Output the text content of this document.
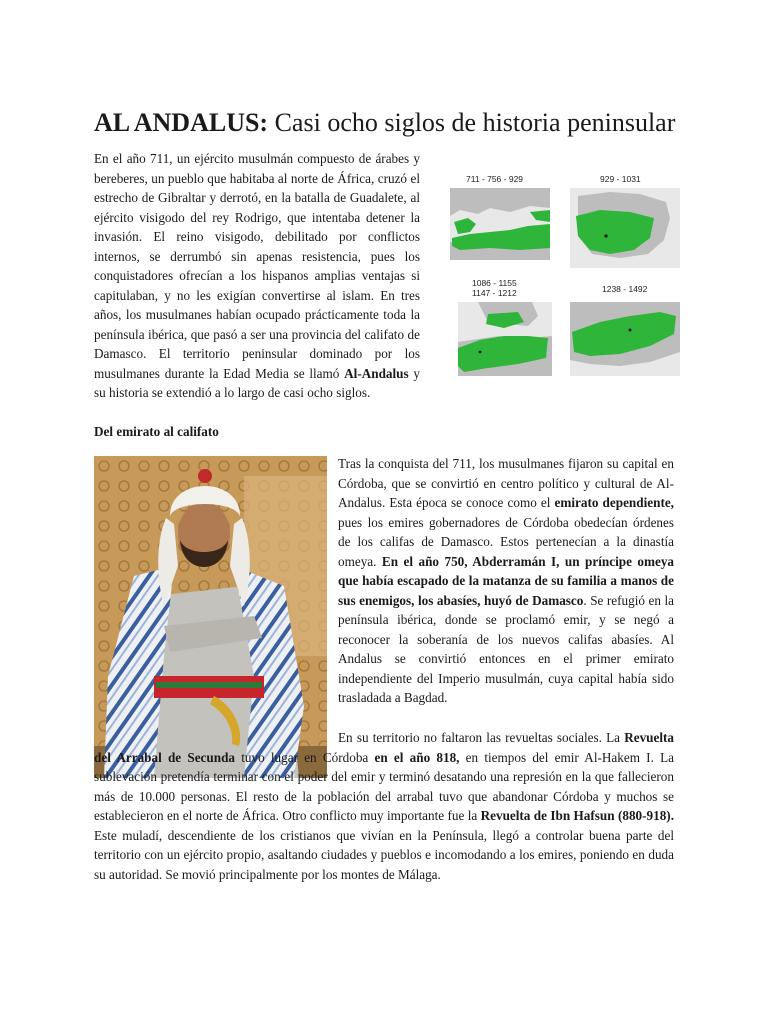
AL ANDALUS: Casi ocho siglos de historia peninsular

En el año 711, un ejército musulmán compuesto de árabes y bereberes, un pueblo que habitaba al norte de África, cruzó el estrecho de Gibraltar y derrotó, en la batalla de Guadalete, al ejército visigodo del rey Rodrigo, que intentaba detener la invasión. El reino visigodo, debilitado por conflictos internos, se derrumbó sin apenas resistencia, pues los conquistadores ofrecían a los hispanos amplias ventajas si capitulaban, y no les exigían convertirse al islam. En tres años, los musulmanes habían ocupado prácticamente toda la península ibérica, que pasó a ser una provincia del califato de Damasco. El territorio peninsular dominado por los musulmanes durante la Edad Media se llamó Al-Andalus y su historia se extendió a lo largo de casi ocho siglos.

711 - 756 - 929	929 - 1031
1086 - 1155
1147 - 1212	1238 - 1492
Del emirato al califato

Tras la conquista del 711, los musulmanes fijaron su capital en Córdoba, que se convirtió en centro político y cultural de Al-Andalus. Esta época se conoce como el emirato dependiente, pues los emires gobernadores de Córdoba obedecían órdenes de los califas de Damasco. Estos pertenecían a la dinastía omeya. En el año 750, Abderramán I, un príncipe omeya que había escapado de la matanza de su familia a manos de sus enemigos, los abasíes, huyó de Damasco. Se refugió en la península ibérica, donde se proclamó emir, y se negó a reconocer la soberanía de los nuevos califas abasíes. Al Andalus se convirtió entonces en el primer emirato independiente del Imperio musulmán, cuya capital había sido trasladada a Bagdad.

En su territorio no faltaron las revueltas sociales. La Revuelta del Arrabal de Secunda tuvo lugar en Córdoba en el año 818, en tiempos del emir Al-Hakem I. La sublevación pretendía terminar con el poder del emir y terminó desatando una represión en la que fallecieron más de 10.000 personas. El resto de la población del arrabal tuvo que abandonar Córdoba y muchos se establecieron en el norte de África. Otro conflicto muy importante fue la Revuelta de Ibn Hafsun (880-918). Este muladí, descendiente de los cristianos que vivían en la Península, llegó a controlar buena parte del territorio con un ejército propio, asaltando ciudades y pueblos e incomodando a los emires, poniendo en duda su autoridad. Se movió principalmente por los montes de Málaga.
